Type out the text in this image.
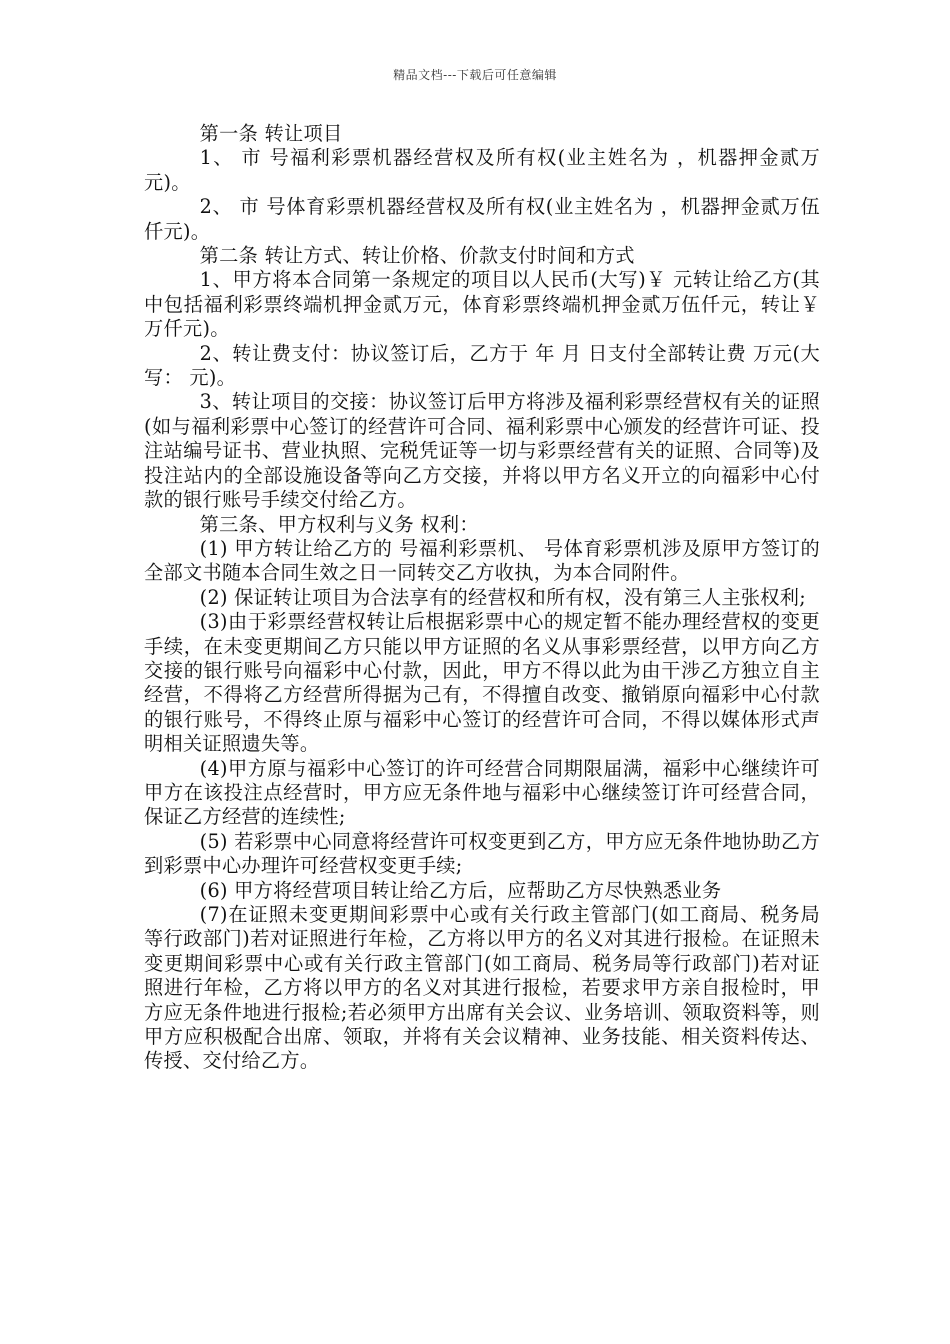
精品文档---下载后可任意编辑

第一条 转让项目

1、 市 号福利彩票机器经营权及所有权(业主姓名为 ，机器押金贰万元)。

2、 市 号体育彩票机器经营权及所有权(业主姓名为 ，机器押金贰万伍仟元)。

第二条 转让方式、转让价格、价款支付时间和方式

1、甲方将本合同第一条规定的项目以人民币(大写)￥ 元转让给乙方(其中包括福利彩票终端机押金贰万元，体育彩票终端机押金贰万伍仟元，转让￥ 万仟元)。

2、转让费支付：协议签订后，乙方于 年 月 日支付全部转让费 万元(大写： 元)。

3、转让项目的交接：协议签订后甲方将涉及福利彩票经营权有关的证照(如与福利彩票中心签订的经营许可合同、福利彩票中心颁发的经营许可证、投注站编号证书、营业执照、完税凭证等一切与彩票经营有关的证照、合同等)及投注站内的全部设施设备等向乙方交接，并将以甲方名义开立的向福彩中心付款的银行账号手续交付给乙方。

第三条、甲方权利与义务 权利：

(1) 甲方转让给乙方的 号福利彩票机、 号体育彩票机涉及原甲方签订的全部文书随本合同生效之日一同转交乙方收执，为本合同附件。

(2) 保证转让项目为合法享有的经营权和所有权，没有第三人主张权利;

(3)由于彩票经营权转让后根据彩票中心的规定暂不能办理经营权的变更手续，在未变更期间乙方只能以甲方证照的名义从事彩票经营，以甲方向乙方交接的银行账号向福彩中心付款，因此，甲方不得以此为由干涉乙方独立自主经营，不得将乙方经营所得据为己有，不得擅自改变、撤销原向福彩中心付款的银行账号，不得终止原与福彩中心签订的经营许可合同，不得以媒体形式声明相关证照遗失等。

(4)甲方原与福彩中心签订的许可经营合同期限届满，福彩中心继续许可甲方在该投注点经营时，甲方应无条件地与福彩中心继续签订许可经营合同，保证乙方经营的连续性;

(5) 若彩票中心同意将经营许可权变更到乙方，甲方应无条件地协助乙方到彩票中心办理许可经营权变更手续;

(6) 甲方将经营项目转让给乙方后，应帮助乙方尽快熟悉业务

(7)在证照未变更期间彩票中心或有关行政主管部门(如工商局、税务局等行政部门)若对证照进行年检，乙方将以甲方的名义对其进行报检。在证照未变更期间彩票中心或有关行政主管部门(如工商局、税务局等行政部门)若对证照进行年检，乙方将以甲方的名义对其进行报检，若要求甲方亲自报检时，甲方应无条件地进行报检;若必须甲方出席有关会议、业务培训、领取资料等，则甲方应积极配合出席、领取，并将有关会议精神、业务技能、相关资料传达、传授、交付给乙方。
